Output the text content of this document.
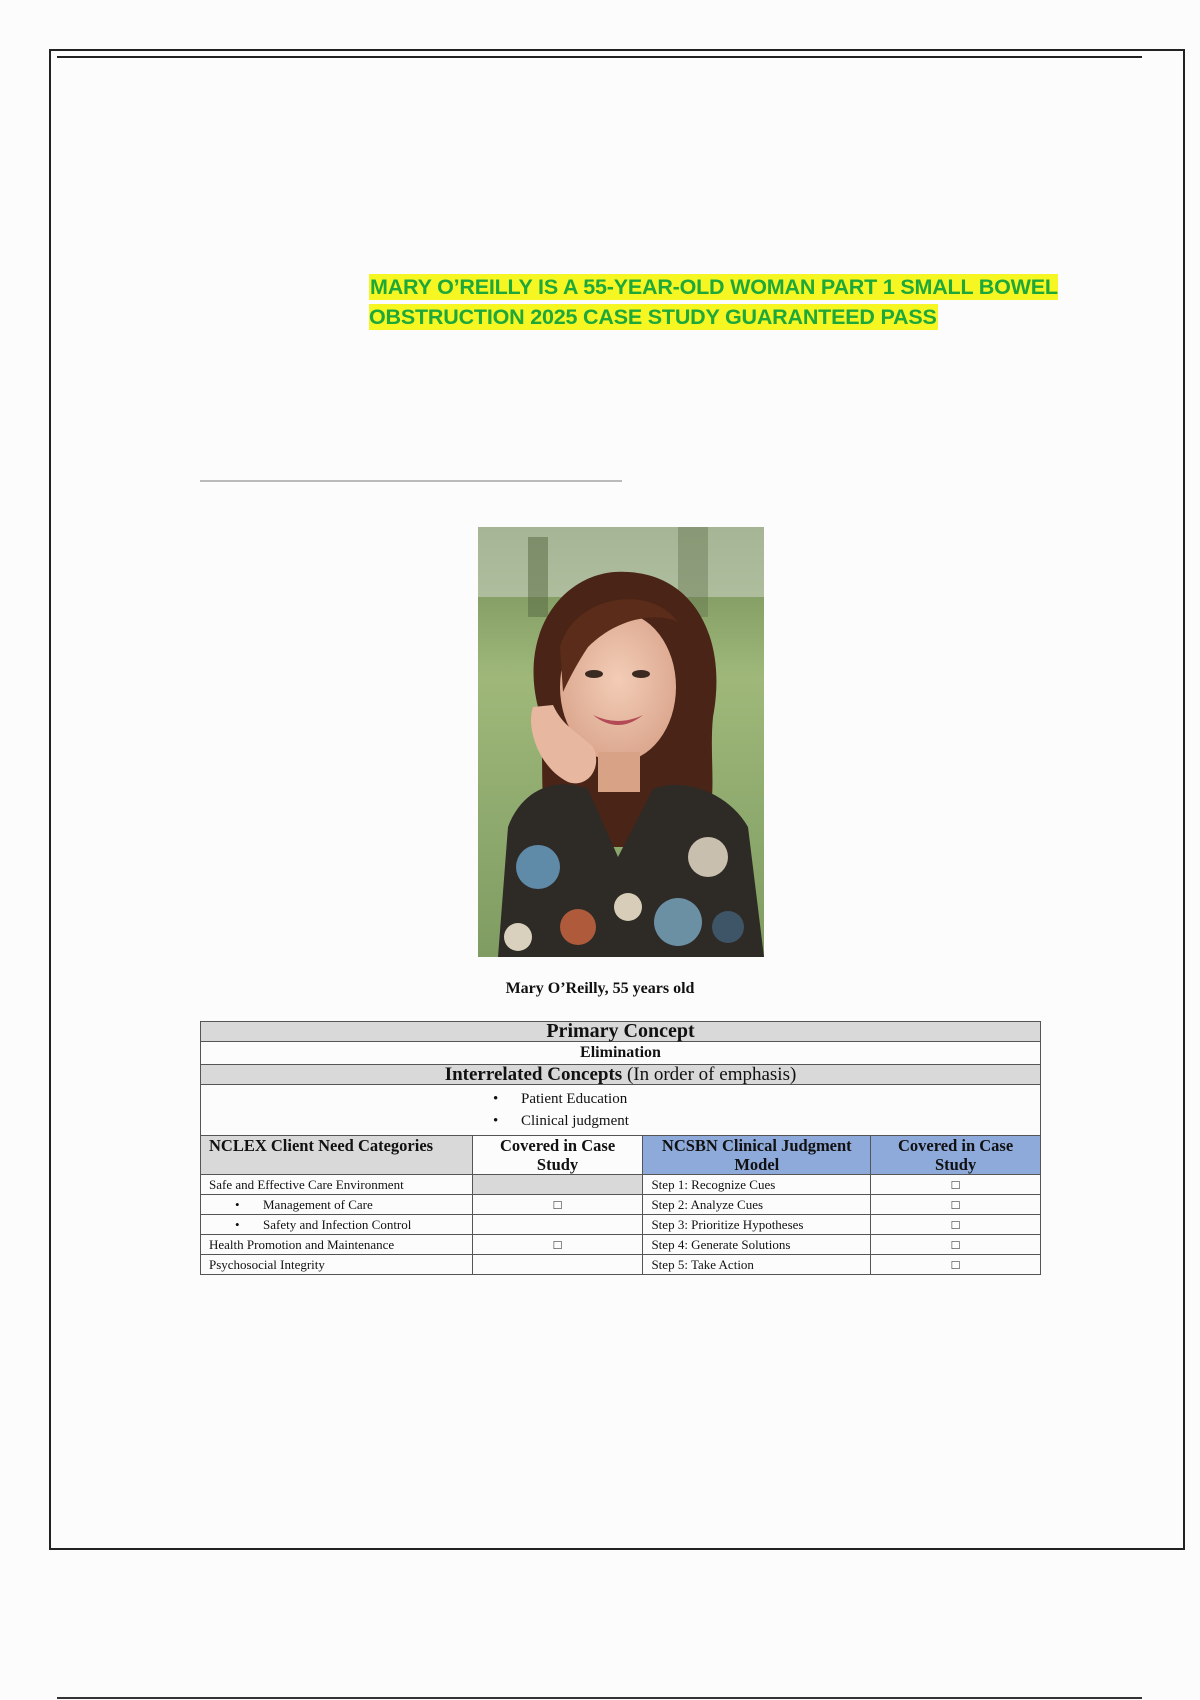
MARY O’REILLY IS A 55-YEAR-OLD WOMAN PART 1 SMALL BOWEL OBSTRUCTION 2025 CASE STUDY GUARANTEED PASS
Mary O’Reilly, 55 years old
Primary Concept			
Elimination			
Interrelated Concepts (In order of emphasis)			

• Patient Education
• Clinical judgment			

NCLEX Client Need Categories	Covered in Case Study	NCSBN Clinical Judgment Model	Covered in Case Study
Safe and Effective Care Environment		Step 1: Recognize Cues	□
• Management of Care	□	Step 2: Analyze Cues	□
• Safety and Infection Control		Step 3: Prioritize Hypotheses	□
Health Promotion and Maintenance	□	Step 4: Generate Solutions	□
Psychosocial Integrity		Step 5: Take Action	□
